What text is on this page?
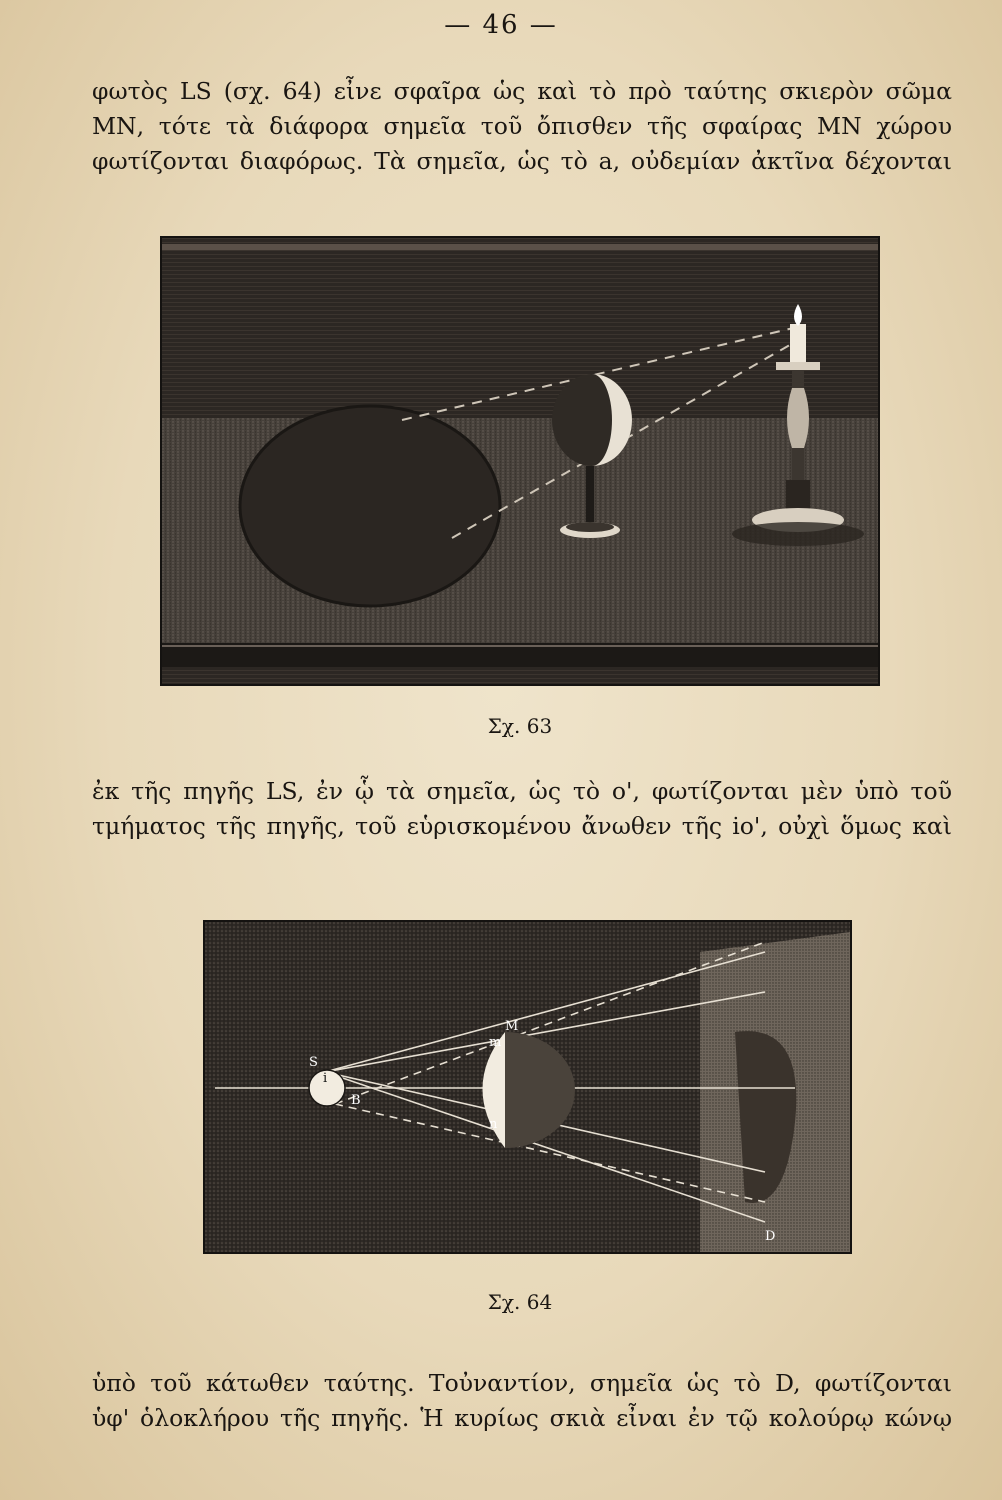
— 46 —
φωτὸς LS (σχ. 64) εἶνε σφαῖρα ὡς καὶ τὸ πρὸ ταύτης σκιερὸν σῶμα
ΜΝ, τότε τὰ διάφορα σημεῖα τοῦ ὄπισθεν τῆς σφαίρας ΜΝ χώρου
φωτίζονται διαφόρως. Τὰ σημεῖα, ὡς τὸ a, οὐδεμίαν ἀκτῖνα δέχονται
Σχ. 63
ἐκ τῆς πηγῆς LS, ἐν ᾧ τὰ σημεῖα, ὡς τὸ o', φωτίζονται μὲν ὑπὸ τοῦ
τμήματος τῆς πηγῆς, τοῦ εὑρισκομένου ἄνωθεν τῆς io', οὐχὶ ὅμως καὶ
M
m
n
S
i
B
D
Σχ. 64
ὑπὸ τοῦ κάτωθεν ταύτης. Τοὐναντίον, σημεῖα ὡς τὸ D, φωτίζονται
ὑφ' ὁλοκλήρου τῆς πηγῆς. Ἡ κυρίως σκιὰ εἶναι ἐν τῷ κολούρῳ κώνῳ
